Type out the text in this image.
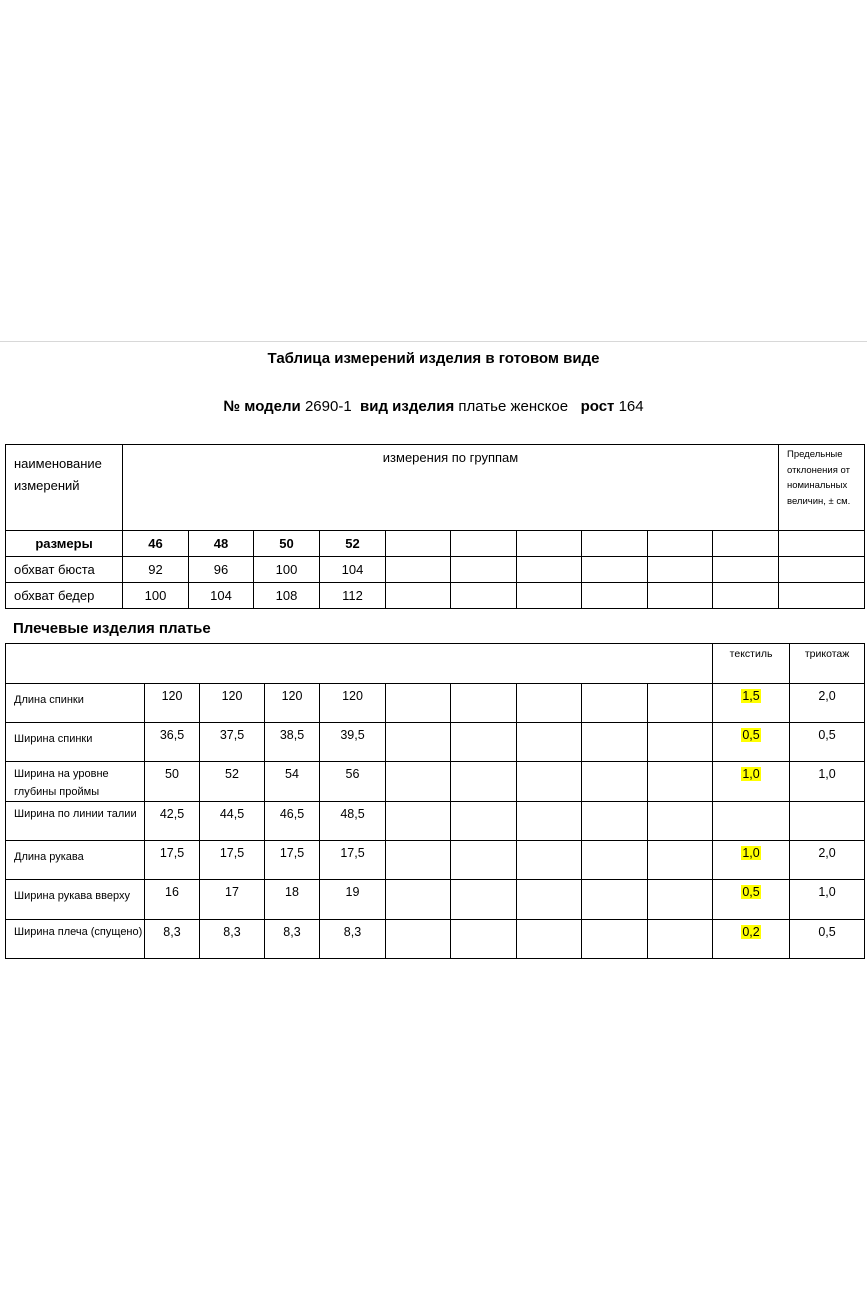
Таблица измерений изделия в готовом виде
№ модели 2690-1 вид изделия платье женское рост 164
наименование измерений	измерения по группам										Предельные отклонения от номинальных величин, ± см.
размеры	46	48	50	52							
обхват бюста	92	96	100	104							
обхват бедер	100	104	108	112							
Плечевые изделия платье
										текстиль	трикотаж
Длина спинки	120	120	120	120						1,5	2,0
Ширина спинки	36,5	37,5	38,5	39,5						0,5	0,5
Ширина на уровне глубины проймы	50	52	54	56						1,0	1,0
Ширина по линии талии	42,5	44,5	46,5	48,5							
Длина рукава	17,5	17,5	17,5	17,5						1,0	2,0
Ширина рукава вверху	16	17	18	19						0,5	1,0
Ширина плеча (спущено)	8,3	8,3	8,3	8,3						0,2	0,5
